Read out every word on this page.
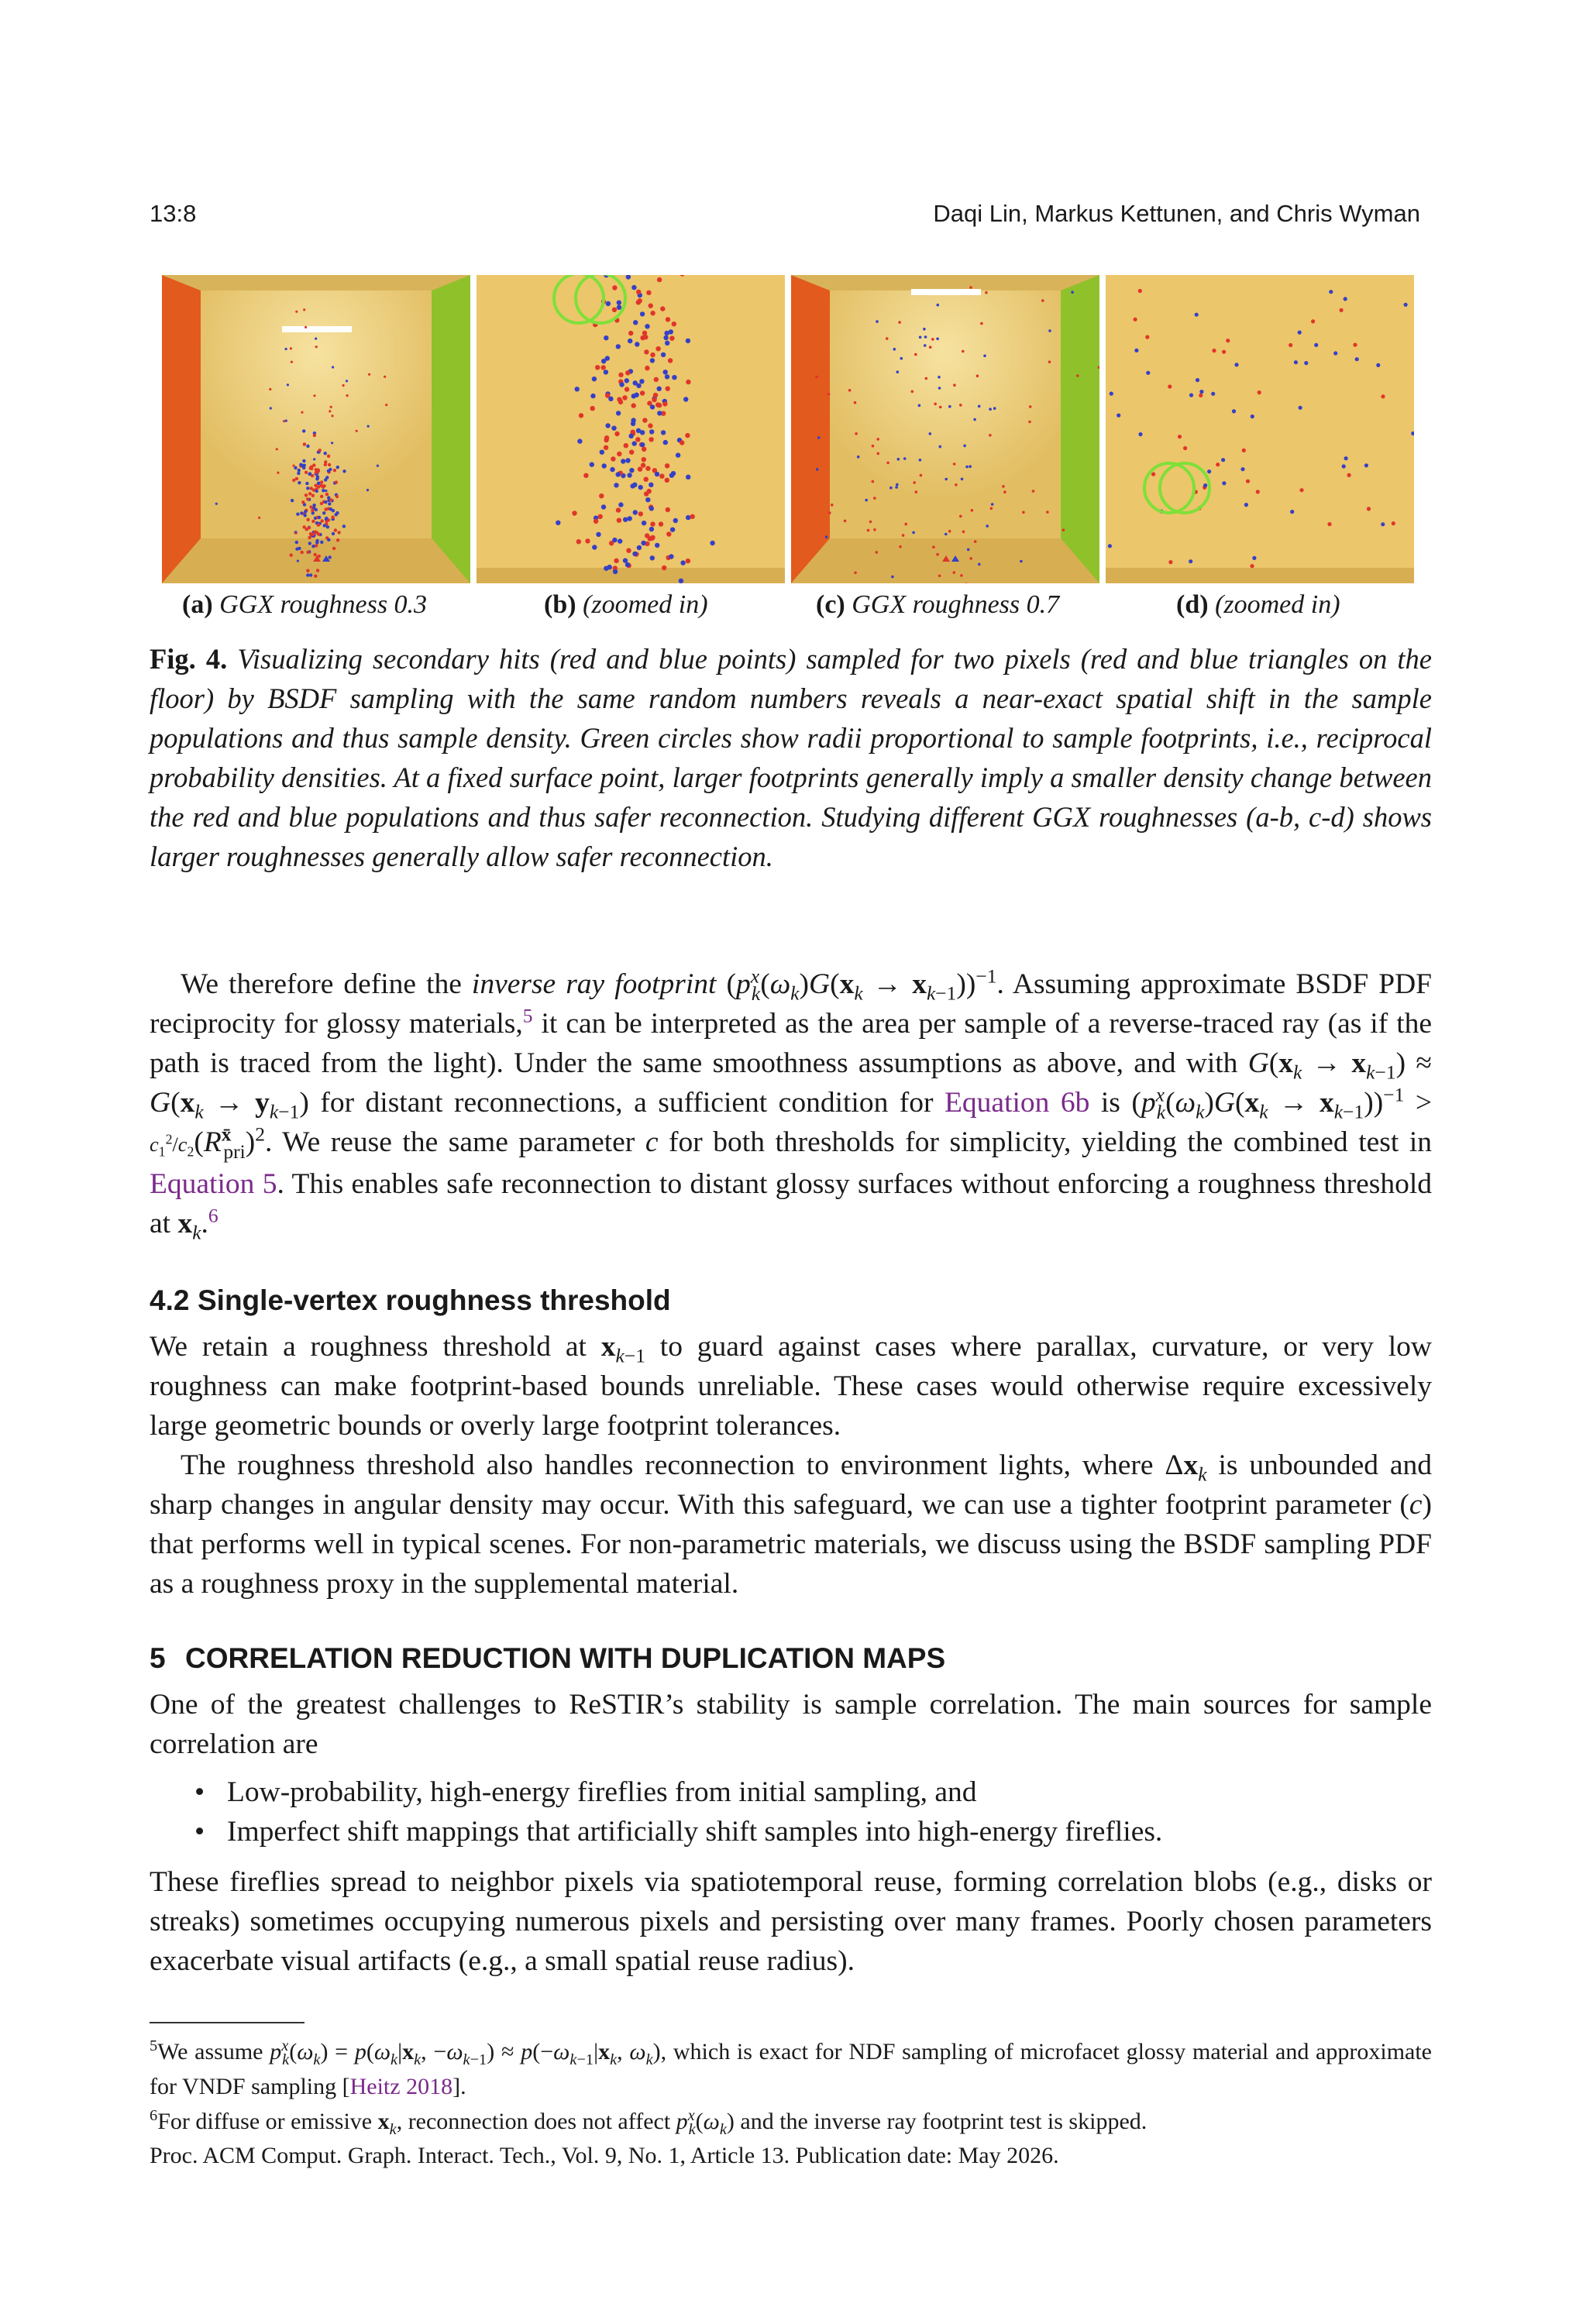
13:8	Daqi Lin, Markus Kettunen, and Chris Wyman
(a) GGX roughness 0.3	(b) (zoomed in)	(c) GGX roughness 0.7	(d) (zoomed in)
Fig. 4. Visualizing secondary hits (red and blue points) sampled for two pixels (red and blue triangles on the floor) by BSDF sampling with the same random numbers reveals a near-exact spatial shift in the sample populations and thus sample density. Green circles show radii proportional to sample footprints, i.e., reciprocal probability densities. At a fixed surface point, larger footprints generally imply a smaller density change between the red and blue populations and thus safer reconnection. Studying different GGX roughnesses (a-b, c-d) shows larger roughnesses generally allow safer reconnection.
We therefore define the inverse ray footprint $(p^x_k(\omega_k)G(x_k \to x_{k-1}))^{-1}$. Assuming approximate BSDF PDF reciprocity for glossy materials,$^5$ it can be interpreted as the area per sample of a reverse-traced ray (as if the path is traced from the light). Under the same smoothness assumptions as above, and with $G(x_k \to x_{k-1}) \approx G(x_k \to y_{k-1})$ for distant reconnections, a sufficient condition for Equation 6b is $(p^x_k(\omega_k)G(x_k \to x_{k-1}))^{-1} > c_1^2/c_2(R^{x̄}_{pri})^2$. We reuse the same parameter c for both thresholds for simplicity, yielding the combined test in Equation 5. This enables safe reconnection to distant glossy surfaces without enforcing a roughness threshold at $x_k.^6$
4.2 Single-vertex roughness threshold
We retain a roughness threshold at $x_{k-1}$ to guard against cases where parallax, curvature, or very low roughness can make footprint-based bounds unreliable. These cases would otherwise require excessively large geometric bounds or overly large footprint tolerances.
The roughness threshold also handles reconnection to environment lights, where $\Delta x_k$ is unbounded and sharp changes in angular density may occur. With this safeguard, we can use a tighter footprint parameter (c) that performs well in typical scenes. For non-parametric materials, we discuss using the BSDF sampling PDF as a roughness proxy in the supplemental material.
5 CORRELATION REDUCTION WITH DUPLICATION MAPS
One of the greatest challenges to ReSTIR’s stability is sample correlation. The main sources for sample correlation are
• Low-probability, high-energy fireflies from initial sampling, and
• Imperfect shift mappings that artificially shift samples into high-energy fireflies.
These fireflies spread to neighbor pixels via spatiotemporal reuse, forming correlation blobs (e.g., disks or streaks) sometimes occupying numerous pixels and persisting over many frames. Poorly chosen parameters exacerbate visual artifacts (e.g., a small spatial reuse radius).
$^5$We assume $p^x_k(\omega_k) = p(\omega_k|x_k$, $-\omega_{k-1}) \approx p(-\omega_{k-1}|x_k$, $\omega_k$), which is exact for NDF sampling of microfacet glossy material and approximate for VNDF sampling [Heitz 2018].
$^6$For diffuse or emissive $x_k$, reconnection does not affect $p^x_k(\omega_k)$ and the inverse ray footprint test is skipped.
Proc. ACM Comput. Graph. Interact. Tech., Vol. 9, No. 1, Article 13. Publication date: May 2026.
